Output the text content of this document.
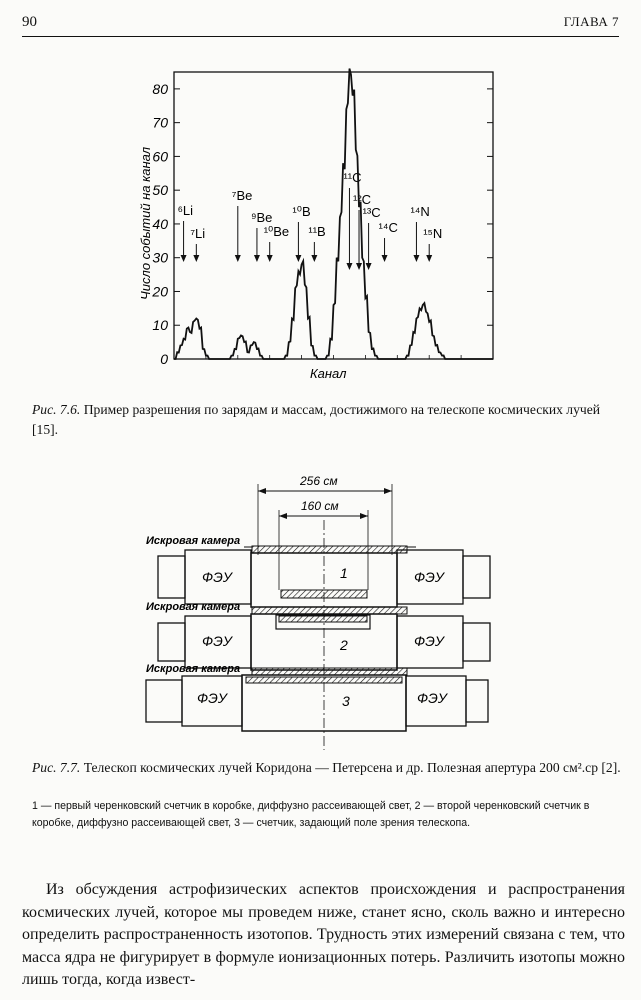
90	ГЛАВА 7
0
10
20
30
40
50
60
70
80
⁶Li
⁷Li
⁷Be
⁹Be
¹⁰Be
¹⁰B
¹¹B
¹¹C
¹²C
¹³C
¹⁴C
¹⁴N
¹⁵N
Число событий на канал
Канал
Рис. 7.6. Пример разрешения по зарядам и массам, достижимого на телескопе космических лучей [15].
256 см
160 см
ФЭУ	ФЭУ
1
Искровая камера
ФЭУ	ФЭУ
2
Искровая камера
ФЭУ	ФЭУ
3
Искровая камера
Рис. 7.7. Телескоп космических лучей Коридона — Петерсена и др. Полезная апертура 200 см².ср [2].
1 — первый черенковский счетчик в коробке, диффузно рассеивающей свет, 2 — второй черенковский счетчик в коробке, диффузно рассеивающей свет, 3 — счетчик, задающий поле зрения телескопа.
Из обсуждения астрофизических аспектов происхождения и распространения космических лучей, которое мы проведем ниже, станет ясно, сколь важно и интересно определить распространенность изотопов. Трудность этих измерений связана с тем, что масса ядра не фигурирует в формуле ионизационных потерь. Различить изотопы можно лишь тогда, когда извест-
